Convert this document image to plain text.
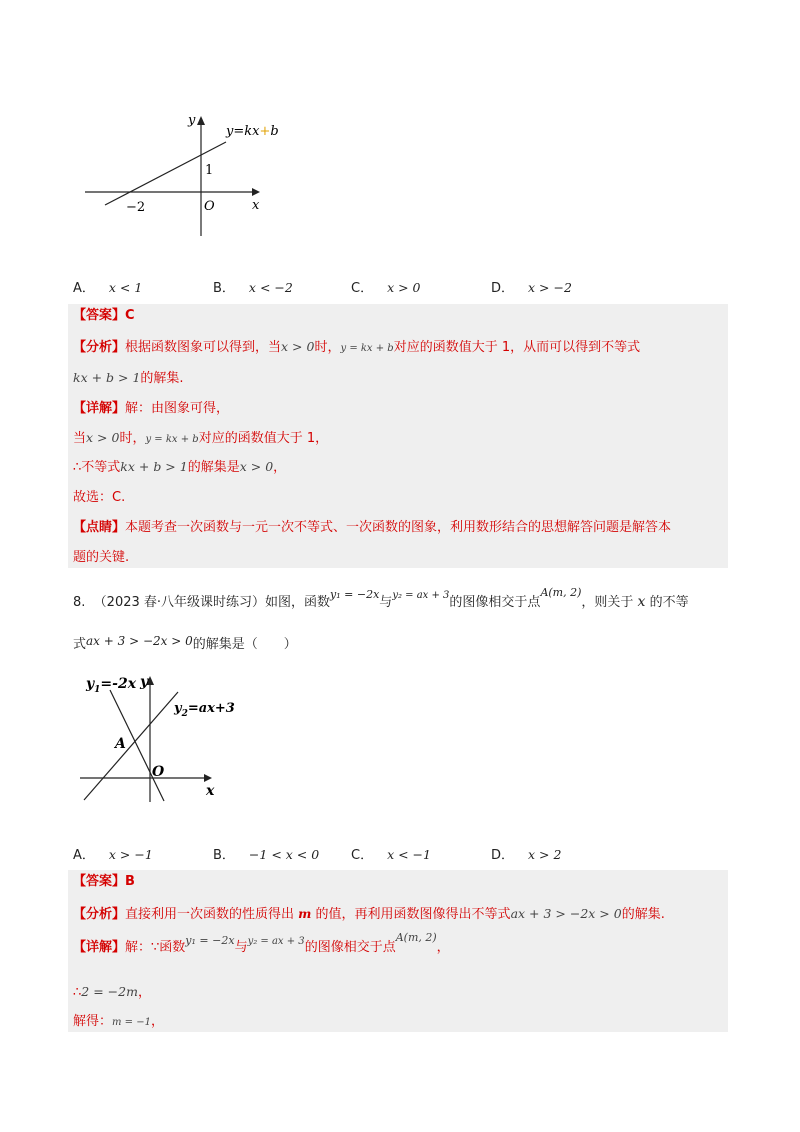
y
y=kx+b
1
−2	O	x
A． x < 1	B． x < −2	C． x > 0	D． x > −2
【答案】C
【分析】根据函数图象可以得到，当x > 0时，y = kx + b对应的函数值大于 1，从而可以得到不等式
kx + b > 1的解集.
【详解】解：由图象可得，
当x > 0时，y = kx + b对应的函数值大于 1，
∴不等式kx + b > 1的解集是x > 0，
故选：C.
【点睛】本题考查一次函数与一元一次不等式、一次函数的图象，利用数形结合的思想解答问题是解答本
题的关键.
8. （2023 春·八年级课时练习）如图，函数$^{y_1 = -2x}$与$^{y_2 = ax + 3}$的图像相交于点$^{A(m, 2)}$，则关于 x 的不等
式ax + 3 > −2x > 0的解集是（　　）
$y_1=-2x$ y
$y_2=ax+3$
A
O
x
A． x > −1	B． −1 < x < 0 C． x < −1	D． x > 2
【答案】B
【分析】直接利用一次函数的性质得出 m 的值，再利用函数图像得出不等式ax + 3 > −2x > 0的解集.
【详解】解：∵函数$^{y_1 = -2x}$与$^{y_2 = ax + 3}$的图像相交于点$^{A(m, 2)}$，
∴2 = −2m，
解得：m = −1，
